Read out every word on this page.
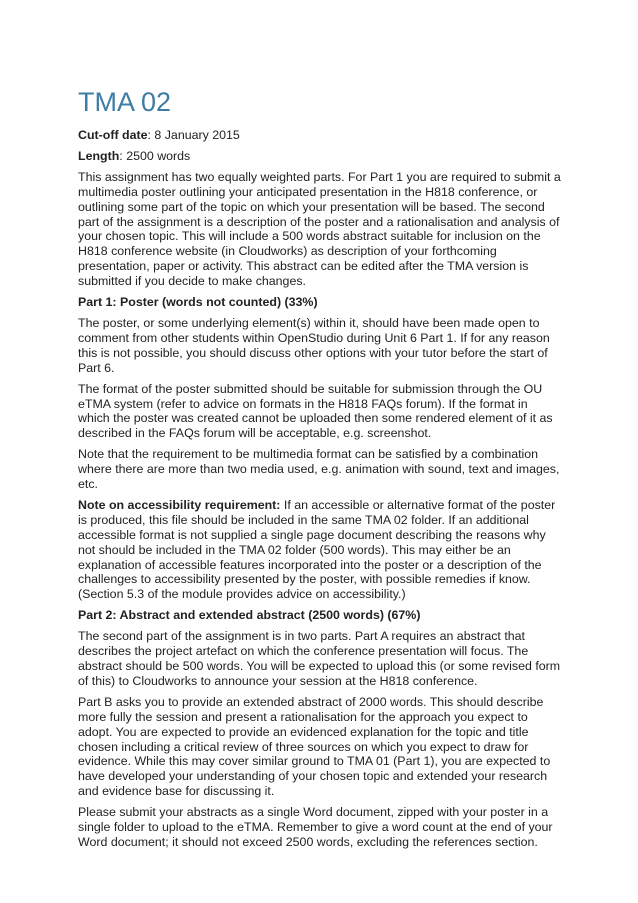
TMA 02

Cut-off date: 8 January 2015

Length: 2500 words

This assignment has two equally weighted parts. For Part 1 you are required to submit a multimedia poster outlining your anticipated presentation in the H818 conference, or outlining some part of the topic on which your presentation will be based. The second part of the assignment is a description of the poster and a rationalisation and analysis of your chosen topic. This will include a 500 words abstract suitable for inclusion on the H818 conference website (in Cloudworks) as description of your forthcoming presentation, paper or activity. This abstract can be edited after the TMA version is submitted if you decide to make changes.

Part 1: Poster (words not counted) (33%)

The poster, or some underlying element(s) within it, should have been made open to comment from other students within OpenStudio during Unit 6 Part 1. If for any reason this is not possible, you should discuss other options with your tutor before the start of Part 6.

The format of the poster submitted should be suitable for submission through the OU eTMA system (refer to advice on formats in the H818 FAQs forum). If the format in which the poster was created cannot be uploaded then some rendered element of it as described in the FAQs forum will be acceptable, e.g. screenshot.

Note that the requirement to be multimedia format can be satisfied by a combination where there are more than two media used, e.g. animation with sound, text and images, etc.

Note on accessibility requirement: If an accessible or alternative format of the poster is produced, this file should be included in the same TMA 02 folder. If an additional accessible format is not supplied a single page document describing the reasons why not should be included in the TMA 02 folder (500 words). This may either be an explanation of accessible features incorporated into the poster or a description of the challenges to accessibility presented by the poster, with possible remedies if know. (Section 5.3 of the module provides advice on accessibility.)

Part 2: Abstract and extended abstract (2500 words) (67%)

The second part of the assignment is in two parts. Part A requires an abstract that describes the project artefact on which the conference presentation will focus. The abstract should be 500 words. You will be expected to upload this (or some revised form of this) to Cloudworks to announce your session at the H818 conference.

Part B asks you to provide an extended abstract of 2000 words. This should describe more fully the session and present a rationalisation for the approach you expect to adopt. You are expected to provide an evidenced explanation for the topic and title chosen including a critical review of three sources on which you expect to draw for evidence. While this may cover similar ground to TMA 01 (Part 1), you are expected to have developed your understanding of your chosen topic and extended your research and evidence base for discussing it.

Please submit your abstracts as a single Word document, zipped with your poster in a single folder to upload to the eTMA. Remember to give a word count at the end of your Word document; it should not exceed 2500 words, excluding the references section.
